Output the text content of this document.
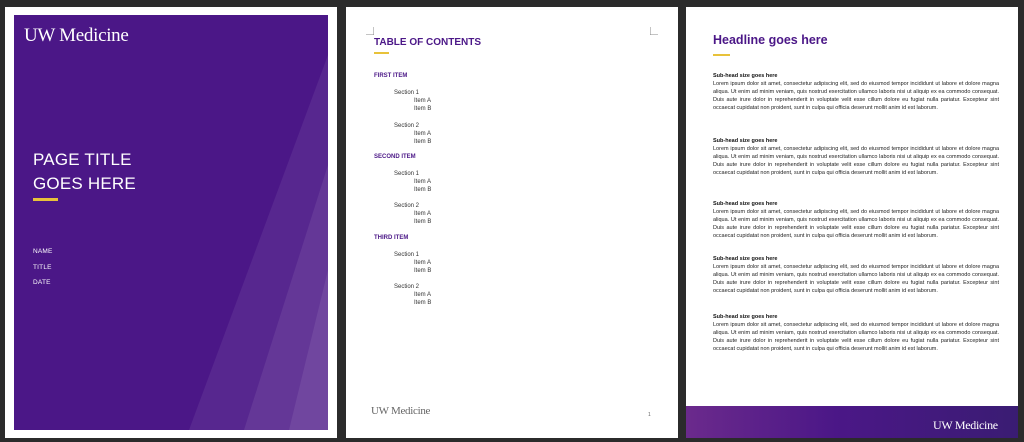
UW Medicine
PAGE TITLE
GOES HERE
NAME
TITLE
DATE
TABLE OF CONTENTS
FIRST ITEM
Section 1
Item A
Item B
Section 2
Item A
Item B
SECOND ITEM
Section 1
Item A
Item B
Section 2
Item A
Item B
THIRD ITEM
Section 1
Item A
Item B
Section 2
Item A
Item B
UW Medicine	1
Headline goes here
Sub-head size goes here
Lorem ipsum dolor sit amet, consectetur adipiscing elit, sed do eiusmod tempor incididunt ut labore et dolore magna aliqua. Ut enim ad minim veniam, quis nostrud exercitation ullamco laboris nisi ut aliquip ex ea commodo consequat. Duis aute irure dolor in reprehenderit in voluptate velit esse cillum dolore eu fugiat nulla pariatur. Excepteur sint occaecat cupidatat non proident, sunt in culpa qui officia deserunt mollit anim id est laborum.
Sub-head size goes here
Lorem ipsum dolor sit amet, consectetur adipiscing elit, sed do eiusmod tempor incididunt ut labore et dolore magna aliqua. Ut enim ad minim veniam, quis nostrud exercitation ullamco laboris nisi ut aliquip ex ea commodo consequat. Duis aute irure dolor in reprehenderit in voluptate velit esse cillum dolore eu fugiat nulla pariatur. Excepteur sint occaecat cupidatat non proident, sunt in culpa qui officia deserunt mollit anim id est laborum.
Sub-head size goes here
Lorem ipsum dolor sit amet, consectetur adipiscing elit, sed do eiusmod tempor incididunt ut labore et dolore magna aliqua. Ut enim ad minim veniam, quis nostrud exercitation ullamco laboris nisi ut aliquip ex ea commodo consequat. Duis aute irure dolor in reprehenderit in voluptate velit esse cillum dolore eu fugiat nulla pariatur. Excepteur sint occaecat cupidatat non proident, sunt in culpa qui officia deserunt mollit anim id est laborum.
Sub-head size goes here
Lorem ipsum dolor sit amet, consectetur adipiscing elit, sed do eiusmod tempor incididunt ut labore et dolore magna aliqua. Ut enim ad minim veniam, quis nostrud exercitation ullamco laboris nisi ut aliquip ex ea commodo consequat. Duis aute irure dolor in reprehenderit in voluptate velit esse cillum dolore eu fugiat nulla pariatur. Excepteur sint occaecat cupidatat non proident, sunt in culpa qui officia deserunt mollit anim id est laborum.
Sub-head size goes here
Lorem ipsum dolor sit amet, consectetur adipiscing elit, sed do eiusmod tempor incididunt ut labore et dolore magna aliqua. Ut enim ad minim veniam, quis nostrud exercitation ullamco laboris nisi ut aliquip ex ea commodo consequat. Duis aute irure dolor in reprehenderit in voluptate velit esse cillum dolore eu fugiat nulla pariatur. Excepteur sint occaecat cupidatat non proident, sunt in culpa qui officia deserunt mollit anim id est laborum.
UW Medicine
